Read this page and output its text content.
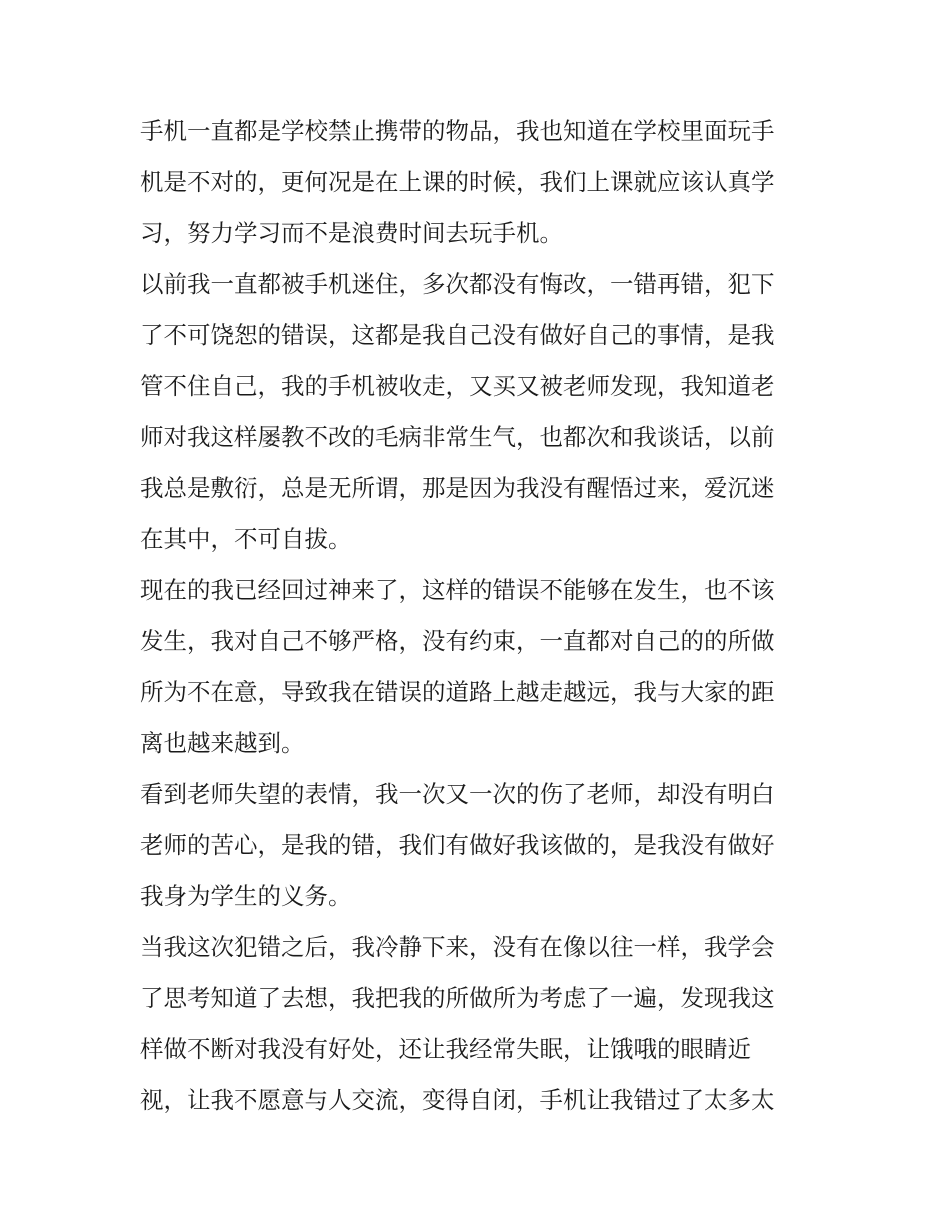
手机一直都是学校禁止携带的物品，我也知道在学校里面玩手
机是不对的，更何况是在上课的时候，我们上课就应该认真学
习，努力学习而不是浪费时间去玩手机。
以前我一直都被手机迷住，多次都没有悔改，一错再错，犯下
了不可饶恕的错误，这都是我自己没有做好自己的事情，是我
管不住自己，我的手机被收走，又买又被老师发现，我知道老
师对我这样屡教不改的毛病非常生气，也都次和我谈话，以前
我总是敷衍，总是无所谓，那是因为我没有醒悟过来，爱沉迷
在其中，不可自拔。
现在的我已经回过神来了，这样的错误不能够在发生，也不该
发生，我对自己不够严格，没有约束，一直都对自己的的所做
所为不在意，导致我在错误的道路上越走越远，我与大家的距
离也越来越到。
看到老师失望的表情，我一次又一次的伤了老师，却没有明白
老师的苦心，是我的错，我们有做好我该做的，是我没有做好
我身为学生的义务。
当我这次犯错之后，我冷静下来，没有在像以往一样，我学会
了思考知道了去想，我把我的所做所为考虑了一遍，发现我这
样做不断对我没有好处，还让我经常失眠，让饿哦的眼睛近
视，让我不愿意与人交流，变得自闭，手机让我错过了太多太
